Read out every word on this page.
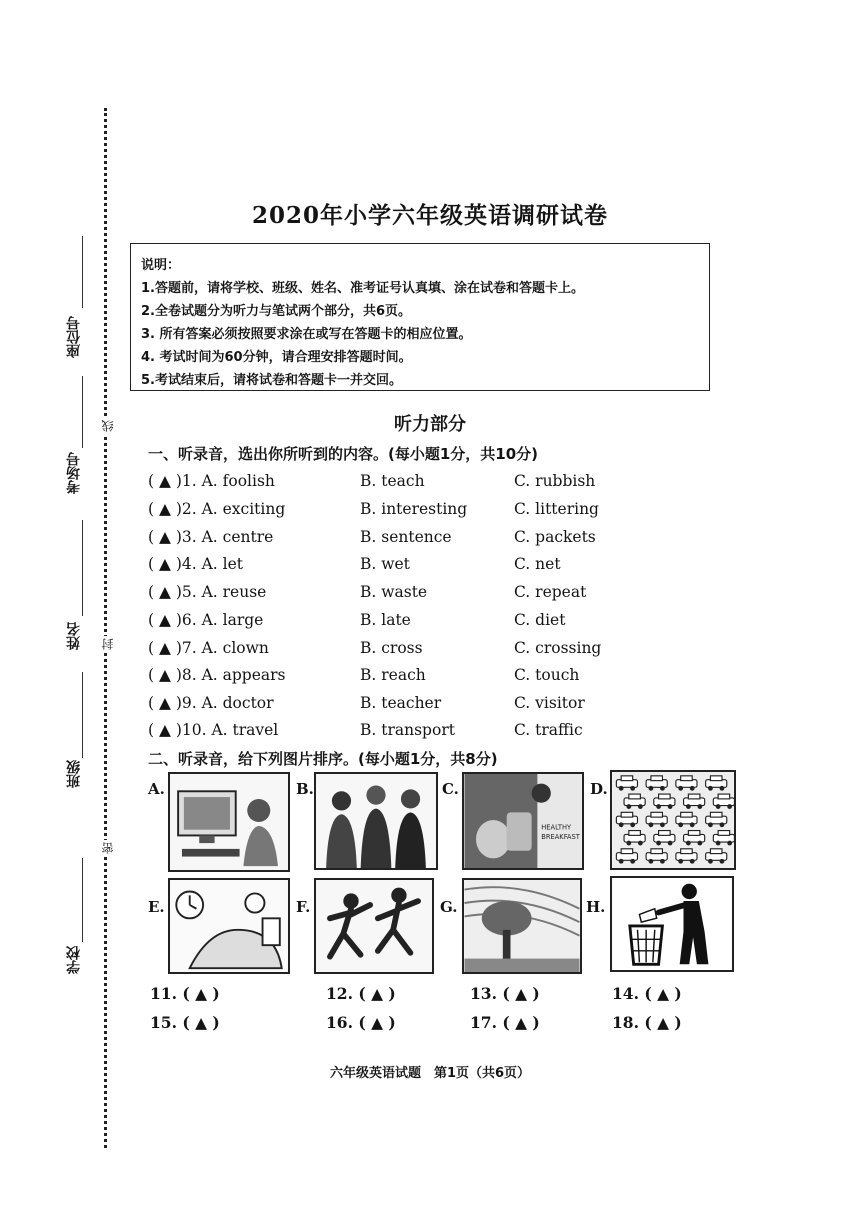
座位号
考场号
姓名
班级
学校
线
封
密
2020年小学六年级英语调研试卷
说明：
1.答题前，请将学校、班级、姓名、准考证号认真填、涂在试卷和答题卡上。
2.全卷试题分为听力与笔试两个部分，共6页。
3. 所有答案必须按照要求涂在或写在答题卡的相应位置。
4. 考试时间为60分钟，请合理安排答题时间。
5.考试结束后，请将试卷和答题卡一并交回。
听力部分
一、听录音，选出你所听到的内容。(每小题1分，共10分)
( ▲ )1. A. foolish	B. teach	C. rubbish
( ▲ )2. A. exciting	B. interesting	C. littering
( ▲ )3. A. centre	B. sentence	C. packets
( ▲ )4. A. let	B. wet	C. net
( ▲ )5. A. reuse	B. waste	C. repeat
( ▲ )6. A. large	B. late	C. diet
( ▲ )7. A. clown	B. cross	C. crossing
( ▲ )8. A. appears	B. reach	C. touch
( ▲ )9. A. doctor	B. teacher	C. visitor
( ▲ )10. A. travel	B. transport	C. traffic
二、听录音，给下列图片排序。(每小题1分，共8分)
A.	B.	C.
HEALTHY
BREAKFAST
D.
E.	F.	G.	H.
11. ( ▲ )	12. ( ▲ )	13. ( ▲ )	14. ( ▲ )
15. ( ▲ )	16. ( ▲ )	17. ( ▲ )	18. ( ▲ )
六年级英语试题　第1页（共6页）
